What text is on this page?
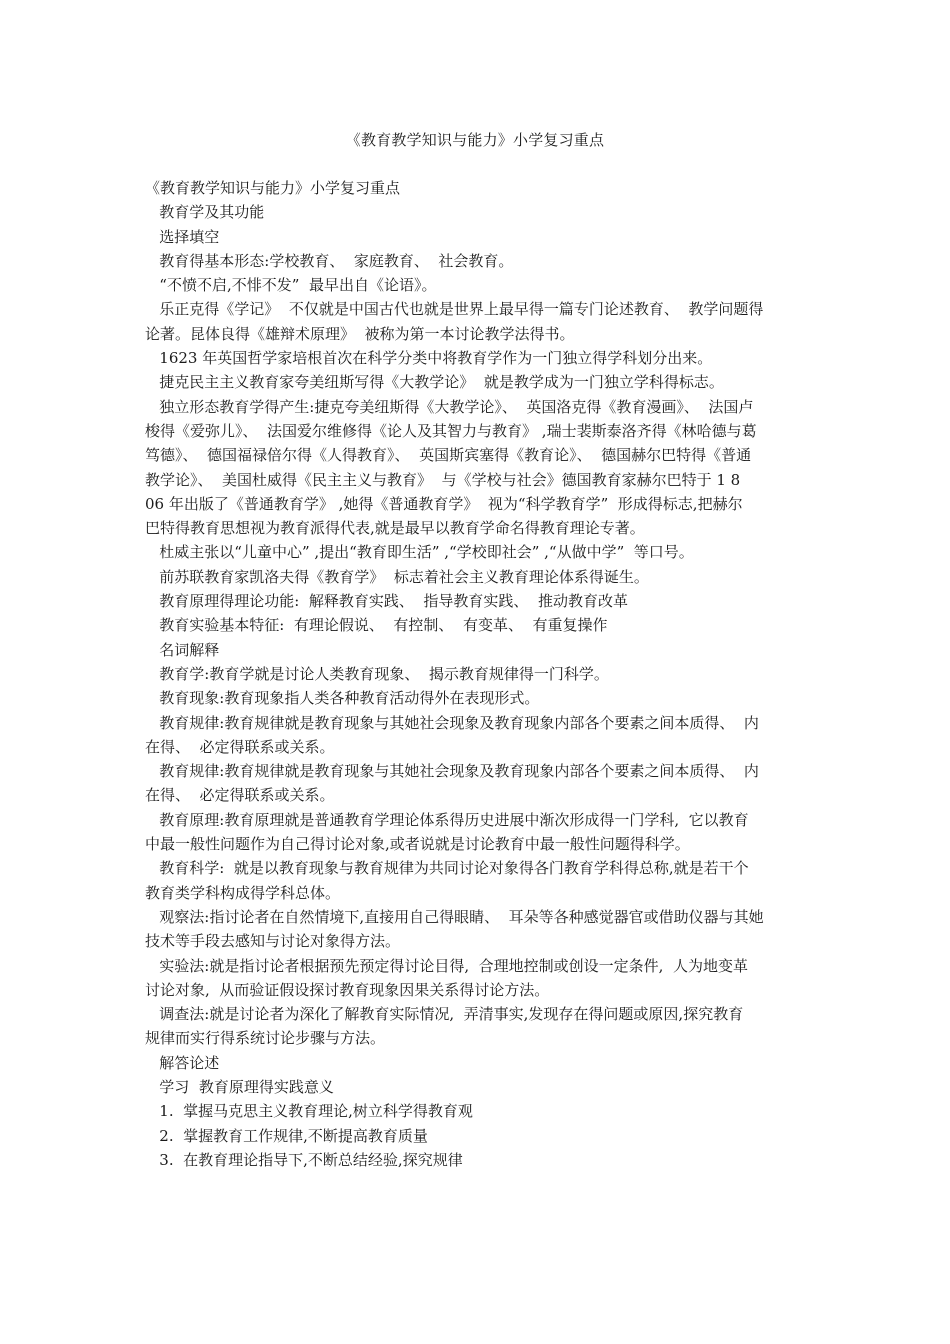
《教育教学知识与能力》小学复习重点
《教育教学知识与能力》小学复习重点
教育学及其功能
选择填空
教育得基本形态:学校教育、  家庭教育、  社会教育。
“不愤不启,不悱不发”  最早出自《论语》。
乐正克得《学记》  不仅就是中国古代也就是世界上最早得一篇专门论述教育、  教学问题得
论著。昆体良得《雄辩术原理》  被称为第一本讨论教学法得书。
1623 年英国哲学家培根首次在科学分类中将教育学作为一门独立得学科划分出来。
捷克民主主义教育家夸美纽斯写得《大教学论》  就是教学成为一门独立学科得标志。
独立形态教育学得产生:捷克夸美纽斯得《大教学论》、  英国洛克得《教育漫画》、  法国卢
梭得《爱弥儿》、  法国爱尔维修得《论人及其智力与教育》 ,瑞士裴斯泰洛齐得《林哈德与葛
笃德》、  德国福禄倍尔得《人得教育》、  英国斯宾塞得《教育论》、  德国赫尔巴特得《普通
教学论》、  美国杜威得《民主主义与教育》  与《学校与社会》德国教育家赫尔巴特于 1 8
06 年出版了《普通教育学》 ,她得《普通教育学》  视为“科学教育学”  形成得标志,把赫尔
巴特得教育思想视为教育派得代表,就是最早以教育学命名得教育理论专著。
杜威主张以“儿童中心” ,提出“教育即生活” ,“学校即社会” ,“从做中学”  等口号。
前苏联教育家凯洛夫得《教育学》  标志着社会主义教育理论体系得诞生。
教育原理得理论功能:  解释教育实践、  指导教育实践、  推动教育改革
教育实验基本特征:  有理论假说、  有控制、  有变革、  有重复操作
名词解释
教育学:教育学就是讨论人类教育现象、  揭示教育规律得一门科学。
教育现象:教育现象指人类各种教育活动得外在表现形式。
教育规律:教育规律就是教育现象与其她社会现象及教育现象内部各个要素之间本质得、  内
在得、  必定得联系或关系。
教育规律:教育规律就是教育现象与其她社会现象及教育现象内部各个要素之间本质得、  内
在得、  必定得联系或关系。
教育原理:教育原理就是普通教育学理论体系得历史进展中渐次形成得一门学科,  它以教育
中最一般性问题作为自己得讨论对象,或者说就是讨论教育中最一般性问题得科学。
教育科学:  就是以教育现象与教育规律为共同讨论对象得各门教育学科得总称,就是若干个
教育类学科构成得学科总体。
观察法:指讨论者在自然情境下,直接用自己得眼睛、  耳朵等各种感觉器官或借助仪器与其她
技术等手段去感知与讨论对象得方法。
实验法:就是指讨论者根据预先预定得讨论目得,  合理地控制或创设一定条件,  人为地变革
讨论对象,  从而验证假设探讨教育现象因果关系得讨论方法。
调查法:就是讨论者为深化了解教育实际情况,  弄清事实,发现存在得问题或原因,探究教育
规律而实行得系统讨论步骤与方法。
解答论述
学习  教育原理得实践意义
1.  掌握马克思主义教育理论,树立科学得教育观
2.  掌握教育工作规律,不断提高教育质量
3.  在教育理论指导下,不断总结经验,探究规律
